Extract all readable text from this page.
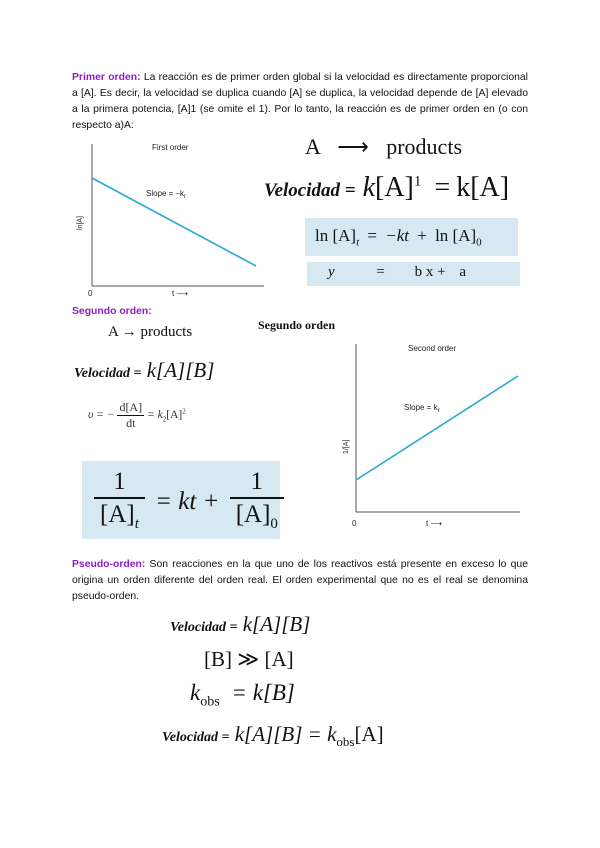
Primer orden: La reacción es de primer orden global si la velocidad es directamente proporcional a [A]. Es decir, la velocidad se duplica cuando [A] se duplica, la velocidad depende de [A] elevado a la primera potencia, [A]1 (se omite el 1). Por lo tanto, la reacción es de primer orden en (o con respecto a)A:
First order
Slope = $-k_r$
ln[A]
0	t ⟶
A ⟶ products
Velocidad = $k[A]^1 = k[A]$
$\ln [A]_t = -kt + \ln [A]_0$
y	= b x + a
Segundo orden:
A → products	Segundo orden
Velocidad = k[A][B]
υ = − $\frac{d[A]}{dt} = k_2[A]^2$
$\frac{1}{[A]_t}$ = kt + $\frac{1}{[A]_0}$
Second order
Slope = $k_r$
1/[A]
0	t ⟶
Pseudo-orden: Son reacciones en la que uno de los reactivos está presente en exceso lo que origina un orden diferente del orden real. El orden experimental que no es el real se denomina pseudo-orden.
Velocidad = k[A][B]
[B] ≫ [A]
$k_{obs} = k[B]$
Velocidad = $k[A][B] = k_{obs}[A]$
